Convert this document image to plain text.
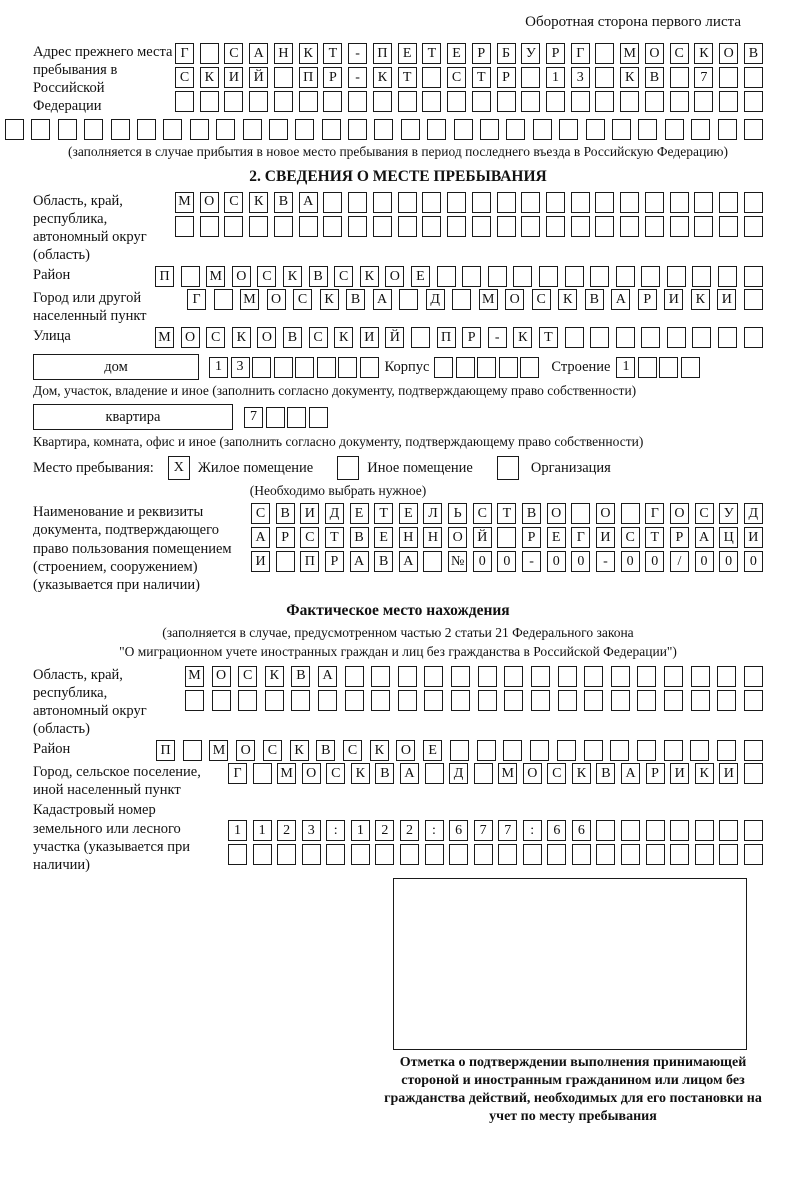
Оборотная сторона первого листа
Адрес прежнего места пребывания в Российской Федерации
Г	С	А	Н	К	Т	-	П	Е	Т	Е	Р	Б	У	Р	Г	М О	С	К	О	В
С	К	И	Й	П	Р	-	К	Т	С	Т	Р	1	3	К	В	7
(заполняется в случае прибытия в новое место пребывания в период последнего въезда в Российскую Федерацию)
2. СВЕДЕНИЯ О МЕСТЕ ПРЕБЫВАНИЯ
Область, край, республика, автономный округ (область)
М О	С	К	В	А
Район	П	М	О	С	К	В	С	К	О	Е
Город или другой населенный пункт
Г	М	О	С	К	В	А	Д	М	О	С	К	В	А	Р	И	К	И
Улица	М	О	С	К	О	В	С	К	И	Й	П	Р	-	К	Т
дом	1	3	Корпус	Строение 1
Дом, участок, владение и иное (заполнить согласно документу, подтверждающему право собственности)
квартира	7
Квартира, комната, офис и иное (заполнить согласно документу, подтверждающему право собственности)
Место пребывания:	X Жилое помещение	Иное помещение	Организация
(Необходимо выбрать нужное)
Наименование и реквизиты документа, подтверждающего право пользования помещением (строением, сооружением) (указывается при наличии)
С	В	И	Д	Е	Т	Е	Л	Ь	С	Т	В	О	О	Г	О	С	У	Д
А	Р	С	Т	В	Е	Н	Н	О	Й	Р	Е	Г	И	С	Т	Р	А	Ц	И
И	П	Р	А	В	А	№	0	0	-	0	0	-	0	0	/	0	0	0
Фактическое место нахождения
(заполняется в случае, предусмотренном частью 2 статьи 21 Федерального закона
"О миграционном учете иностранных граждан и лиц без гражданства в Российской Федерации")
Область, край, республика, автономный округ (область)
М	О	С	К	В	А
Район	П	М	О	С	К	В	С	К	О	Е
Город, сельское поселение, иной населенный пункт
Г	М О	С	К	В	А	Д	М О	С	К	В	А	Р	И	К	И
Кадастровый номер земельного или лесного участка (указывается при наличии)
1	1	2	3	:	1	2	2	:	6	7	7	:	6	6
Отметка о подтверждении выполнения принимающей стороной и иностранным гражданином или лицом без гражданства действий, необходимых для его постановки на учет по месту пребывания
